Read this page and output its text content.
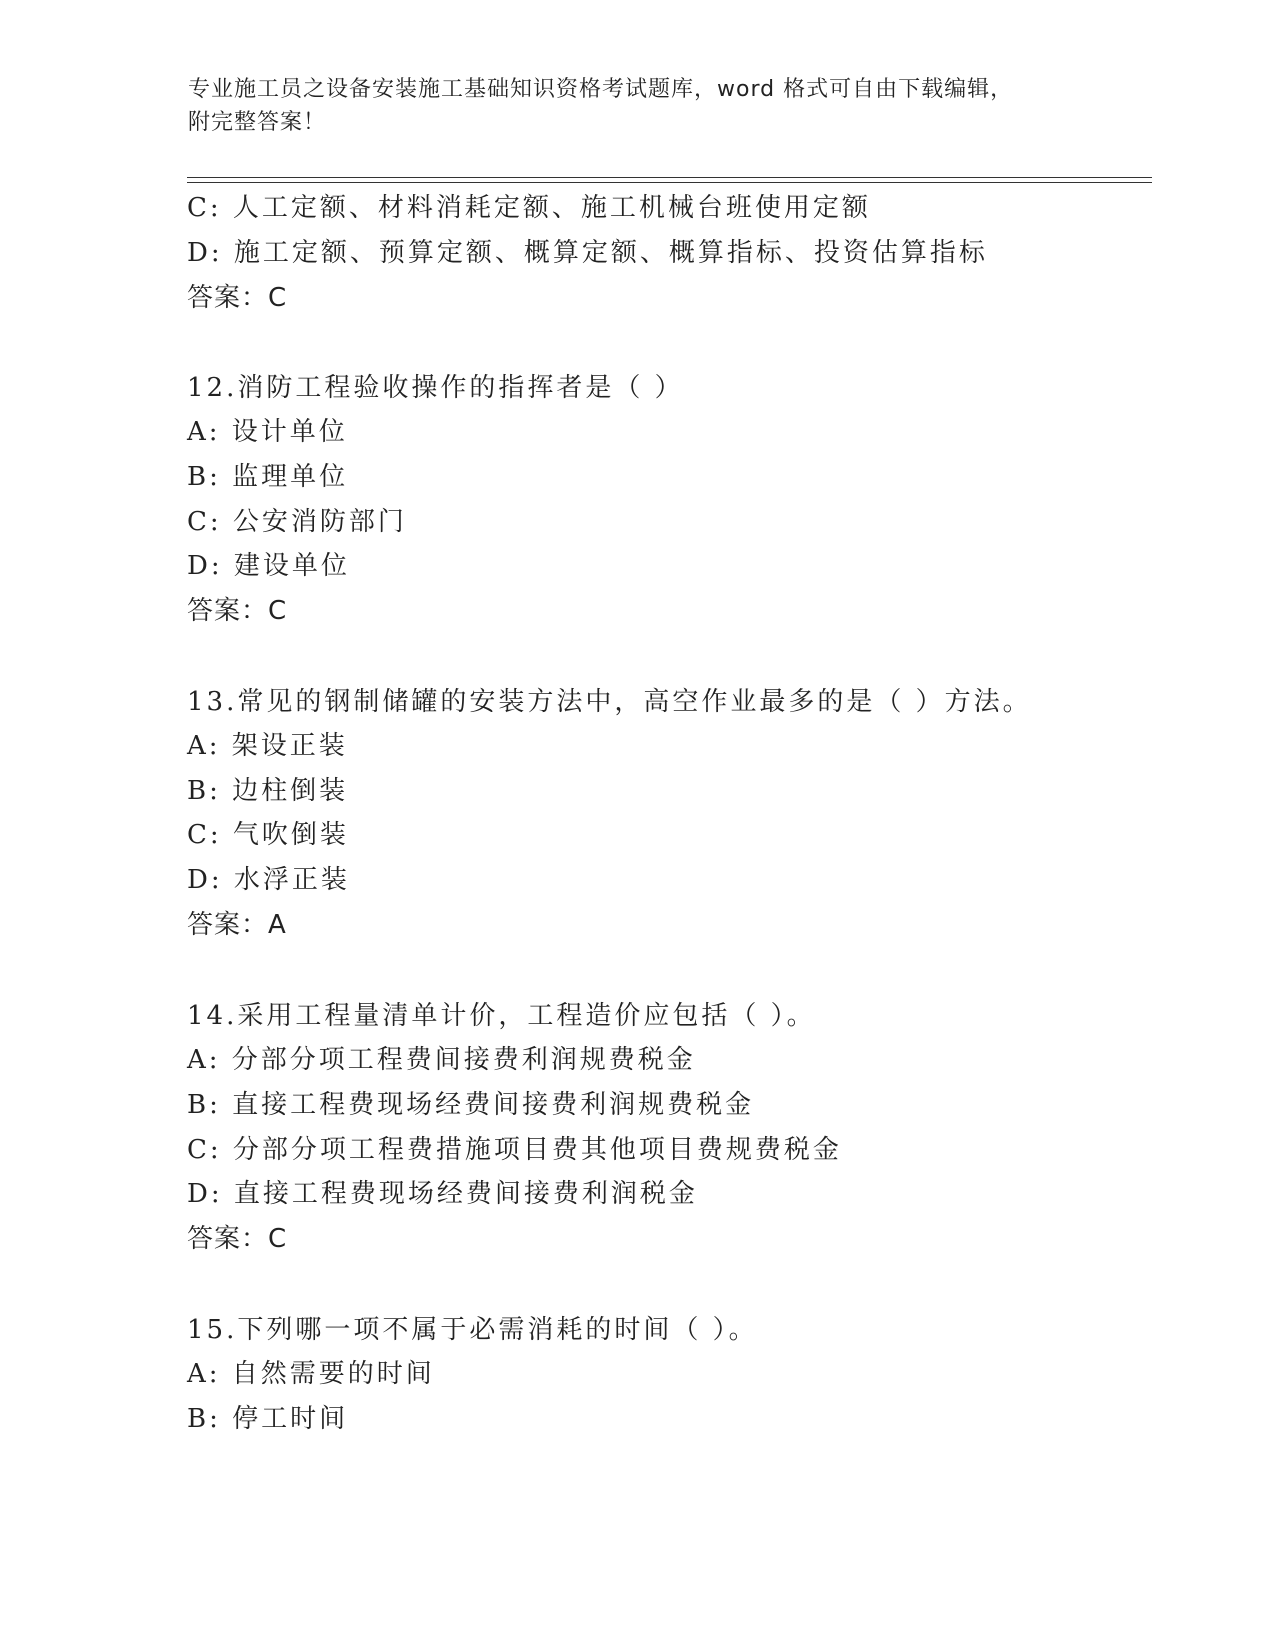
专业施工员之设备安装施工基础知识资格考试题库，word 格式可自由下载编辑，
附完整答案！
C: 人工定额、材料消耗定额、施工机械台班使用定额
D: 施工定额、预算定额、概算定额、概算指标、投资估算指标
答案：C
12.消防工程验收操作的指挥者是（ ）
A: 设计单位
B: 监理单位
C: 公安消防部门
D: 建设单位
答案：C
13.常见的钢制储罐的安装方法中，高空作业最多的是（ ）方法。
A: 架设正装
B: 边柱倒装
C: 气吹倒装
D: 水浮正装
答案：A
14.采用工程量清单计价，工程造价应包括（ ）。
A: 分部分项工程费间接费利润规费税金
B: 直接工程费现场经费间接费利润规费税金
C: 分部分项工程费措施项目费其他项目费规费税金
D: 直接工程费现场经费间接费利润税金
答案：C
15.下列哪一项不属于必需消耗的时间（ ）。
A: 自然需要的时间
B: 停工时间
